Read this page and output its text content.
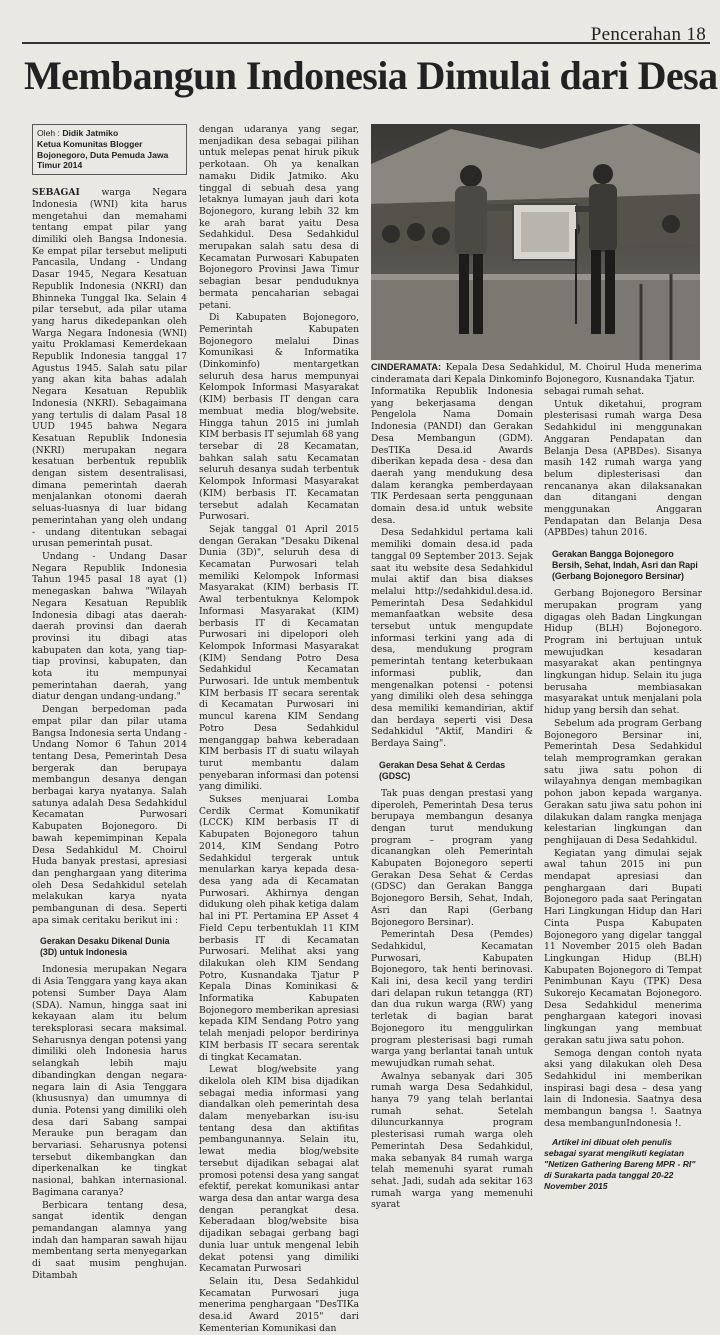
Pencerahan 18
Membangun Indonesia Dimulai dari Desa
Oleh : Didik Jatmiko
Ketua Komunitas Blogger Bojonegoro, Duta Pemuda Jawa Timur 2014

SEBAGAI warga Negara Indonesia (WNI) kita harus mengetahui dan memahami tentang empat pilar yang dimiliki oleh Bangsa Indonesia. Ke empat pilar tersebut meliputi Pancasila, Undang - Undang Dasar 1945, Negara Kesatuan Republik Indonesia (NKRI) dan Bhinneka Tunggal Ika. Selain 4 pilar tersebut, ada pilar utama yang harus dikedepankan oleh Warga Negara Indonesia (WNI) yaitu Proklamasi Kemerdekaan Republik Indonesia tanggal 17 Agustus 1945. Salah satu pilar yang akan kita bahas adalah Negara Kesatuan Republik Indonesia (NKRI). Sebagaimana yang tertulis di dalam Pasal 18 UUD 1945 bahwa Negara Kesatuan Republik Indonesia (NKRI) merupakan negara kesatuan berbentuk republik dengan sistem desentralisasi, dimana pemerintah daerah menjalankan otonomi daerah seluas-luasnya di luar bidang pemerintahan yang oleh undang - undang ditentukan sebagai urusan pemerintah pusat.

Undang - Undang Dasar Negara Republik Indonesia Tahun 1945 pasal 18 ayat (1) menegaskan bahwa "Wilayah Negara Kesatuan Republik Indonesia dibagi atas daerah-daerah provinsi dan daerah provinsi itu dibagi atas kabupaten dan kota, yang tiap-tiap provinsi, kabupaten, dan kota itu mempunyai pemerintahan daerah, yang diatur dengan undang-undang."

Dengan berpedoman pada empat pilar dan pilar utama Bangsa Indonesia serta Undang - Undang Nomor 6 Tahun 2014 tentang Desa, Pemerintah Desa bergerak dan berupaya membangun desanya dengan berbagai karya nyatanya. Salah satunya adalah Desa Sedahkidul Kecamatan Purwosari Kabupaten Bojonegoro. Di bawah kepemimpinan Kepala Desa Sedahkidul M. Choirul Huda banyak prestasi, apresiasi dan penghargaan yang diterima oleh Desa Sedahkidul setelah melakukan karya nyata pembangunan di desa. Seperti apa simak ceritaku berikut ini :

Gerakan Desaku Dikenal Dunia (3D) untuk Indonesia

Indonesia merupakan Negara di Asia Tenggara yang kaya akan potensi Sumber Daya Alam (SDA). Namun, hingga saat ini kekayaan alam itu belum tereksplorasi secara maksimal. Seharusnya dengan potensi yang dimiliki oleh Indonesia harus selangkah lebih maju dibandingkan dengan negara-negara lain di Asia Tenggara (khususnya) dan umumnya di dunia. Potensi yang dimiliki oleh desa dari Sabang sampai Merauke pun beragam dan bervariasi. Seharusnya potensi tersebut dikembangkan dan diperkenalkan ke tingkat nasional, bahkan internasional. Bagimana caranya?

Berbicara tentang desa, sangat identik dengan pemandangan alamnya yang indah dan hamparan sawah hijau membentang serta menyegarkan di saat musim penghujan. Ditambah

dengan udaranya yang segar, menjadikan desa sebagai pilihan untuk melepas penat hiruk pikuk perkotaan. Oh ya kenalkan namaku Didik Jatmiko. Aku tinggal di sebuah desa yang letaknya lumayan jauh dari kota Bojonegoro, kurang lebih 32 km ke arah barat yaitu Desa Sedahkidul. Desa Sedahkidul merupakan salah satu desa di Kecamatan Purwosari Kabupaten Bojonegoro Provinsi Jawa Timur sebagian besar penduduknya bermata pencaharian sebagai petani.

Di Kabupaten Bojonegoro, Pemerintah Kabupaten Bojonegoro melalui Dinas Komunikasi & Informatika (Dinkominfo) mentargetkan seluruh desa harus mempunyai Kelompok Informasi Masyarakat (KIM) berbasis IT dengan cara membuat media blog/website. Hingga tahun 2015 ini jumlah KIM berbasis IT sejumlah 68 yang tersebar di 28 Kecamatan, bahkan salah satu Kecamatan seluruh desanya sudah terbentuk Kelompok Informasi Masyarakat (KIM) berbasis IT. Kecamatan tersebut adalah Kecamatan Purwosari.

Sejak tanggal 01 April 2015 dengan Gerakan "Desaku Dikenal Dunia (3D)", seluruh desa di Kecamatan Purwosari telah memiliki Kelompok Informasi Masyarakat (KIM) berbasis IT. Awal terbentuknya Kelompok Informasi Masyarakat (KIM) berbasis IT di Kecamatan Purwosari ini dipelopori oleh Kelompok Informasi Masyarakat (KIM) Sendang Potro Desa Sedahkidul Kecamatan Purwosari. Ide untuk membentuk KIM berbasis IT secara serentak di Kecamatan Purwosari ini muncul karena KIM Sendang Potro Desa Sedahkidul menganggap bahwa keberadaan KIM berbasis IT di suatu wilayah turut membantu dalam penyebaran informasi dan potensi yang dimiliki.

Sukses menjuarai Lomba Cerdik Cermat Komunikatif (LCCK) KIM berbasis IT di Kabupaten Bojonegoro tahun 2014, KIM Sendang Potro Sedahkidul tergerak untuk menularkan karya kepada desa-desa yang ada di Kecamatan Purwosari. Akhirnya dengan didukung oleh pihak ketiga dalam hal ini PT. Pertamina EP Asset 4 Field Cepu terbentuklah 11 KIM berbasis IT di Kecamatan Purwosari. Melihat aksi yang dilakukan oleh KIM Sendang Potro, Kusnandaka Tjatur P Kepala Dinas Kominikasi & Informatika Kabupaten Bojonegoro memberikan apresiasi kepada KIM Sendang Potro yang telah menjadi pelopor berdirinya KIM berbasis IT secara serentak di tingkat Kecamatan.

Lewat blog/website yang dikelola oleh KIM bisa dijadikan sebagai media informasi yang diandalkan oleh pemerintah desa dalam menyebarkan isu-isu tentang desa dan aktifitas pembangunannya. Selain itu, lewat media blog/website tersebut dijadikan sebagai alat promosi potensi desa yang sangat efektif, perekat komunikasi antar warga desa dan antar warga desa dengan perangkat desa. Keberadaan blog/website bisa dijadikan sebagai gerbang bagi dunia luar untuk mengenal lebih dekat potensi yang dimiliki Kecamatan Purwosari

Selain itu, Desa Sedahkidul Kecamatan Purwosari juga menerima penghargaan "DesTIKa desa.id Award 2015" dari Kementerian Komunikasi dan

CINDERAMATA: Kepala Desa Sedahkidul, M. Choirul Huda menerima cinderamata dari Kepala Dinkominfo Bojonegoro, Kusnandaka Tjatur.

Informatika Republik Indonesia yang bekerjasama dengan Pengelola Nama Domain Indonesia (PANDI) dan Gerakan Desa Membangun (GDM). DesTIKa Desa.id Awards diberikan kepada desa - desa dan daerah yang mendukung desa dalam kerangka pemberdayaan TIK Perdesaan serta penggunaan domain desa.id untuk website desa.

Desa Sedahkidul pertama kali memiliki domain desa.id pada tanggal 09 September 2013. Sejak saat itu website desa Sedahkidul mulai aktif dan bisa diakses melalui http://sedahkidul.desa.id. Pemerintah Desa Sedahkidul memanfaatkan website desa tersebut untuk mengupdate informasi terkini yang ada di desa, mendukung program pemerintah tentang keterbukaan informasi publik, dan mengenalkan potensi - potensi yang dimiliki oleh desa sehingga desa memiliki kemandirian, aktif dan berdaya seperti visi Desa Sedahkidul "Aktif, Mandiri & Berdaya Saing".

Gerakan Desa Sehat & Cerdas (GDSC)

Tak puas dengan prestasi yang diperoleh, Pemerintah Desa terus berupaya membangun desanya dengan turut mendukung program – program yang dicanangkan oleh Pemerintah Kabupaten Bojonegoro seperti Gerakan Desa Sehat & Cerdas (GDSC) dan Gerakan Bangga Bojonegoro Bersih, Sehat, Indah, Asri dan Rapi (Gerbang Bojonegoro Bersinar).

Pemerintah Desa (Pemdes) Sedahkidul, Kecamatan Purwosari, Kabupaten Bojonegoro, tak henti berinovasi. Kali ini, desa kecil yang terdiri dari delapan rukun tetangga (RT) dan dua rukun warga (RW) yang terletak di bagian barat Bojonegoro itu menggulirkan program plesterisasi bagi rumah warga yang berlantai tanah untuk mewujudkan rumah sehat.

Awalnya sebanyak dari 305 rumah warga Desa Sedahkidul, hanya 79 yang telah berlantai rumah sehat. Setelah diluncurkannya program plesterisasi rumah warga oleh Pemerintah Desa Sedahkidul, maka sebanyak 84 rumah warga telah memenuhi syarat rumah sehat. Jadi, sudah ada sekitar 163 rumah warga yang memenuhi syarat

sebagai rumah sehat.

Untuk diketahui, program plesterisasi rumah warga Desa Sedahkidul ini menggunakan Anggaran Pendapatan dan Belanja Desa (APBDes). Sisanya masih 142 rumah warga yang belum diplesterisasi dan rencananya akan dilaksanakan dan ditangani dengan menggunakan Anggaran Pendapatan dan Belanja Desa (APBDes) tahun 2016.

Gerakan Bangga Bojonegoro Bersih, Sehat, Indah, Asri dan Rapi (Gerbang Bojonegoro Bersinar)

Gerbang Bojonegoro Bersinar merupakan program yang digagas oleh Badan Lingkungan Hidup (BLH) Bojonegoro. Program ini bertujuan untuk mewujudkan kesadaran masyarakat akan pentingnya lingkungan hidup. Selain itu juga berusaha membiasakan masyarakat untuk menjalani pola hidup yang bersih dan sehat.

Sebelum ada program Gerbang Bojonegoro Bersinar ini, Pemerintah Desa Sedahkidul telah memprogramkan gerakan satu jiwa satu pohon di wilayahnya dengan membagikan pohon jabon kepada warganya. Gerakan satu jiwa satu pohon ini dilakukan dalam rangka menjaga kelestarian lingkungan dan penghijauan di Desa Sedahkidul.

Kegiatan yang dimulai sejak awal tahun 2015 ini pun mendapat apresiasi dan penghargaan dari Bupati Bojonegoro pada saat Peringatan Hari Lingkungan Hidup dan Hari Cinta Puspa Kabupaten Bojonegoro yang digelar tanggal 11 November 2015 oleh Badan Lingkungan Hidup (BLH) Kabupaten Bojonegoro di Tempat Penimbunan Kayu (TPK) Desa Sukorejo Kecamatan Bojonegoro. Desa Sedahkidul menerima penghargaan kategori inovasi lingkungan yang membuat gerakan satu jiwa satu pohon.

Semoga dengan contoh nyata aksi yang dilakukan oleh Desa Sedahkidul ini memberikan inspirasi bagi desa – desa yang lain di Indonesia. Saatnya desa membangun bangsa !. Saatnya desa membangunIndonesia !.

Artikel ini dibuat oleh penulis sebagai syarat mengikuti kegiatan "Netizen Gathering Bareng MPR - RI" di Surakarta pada tanggal 20-22 November 2015
